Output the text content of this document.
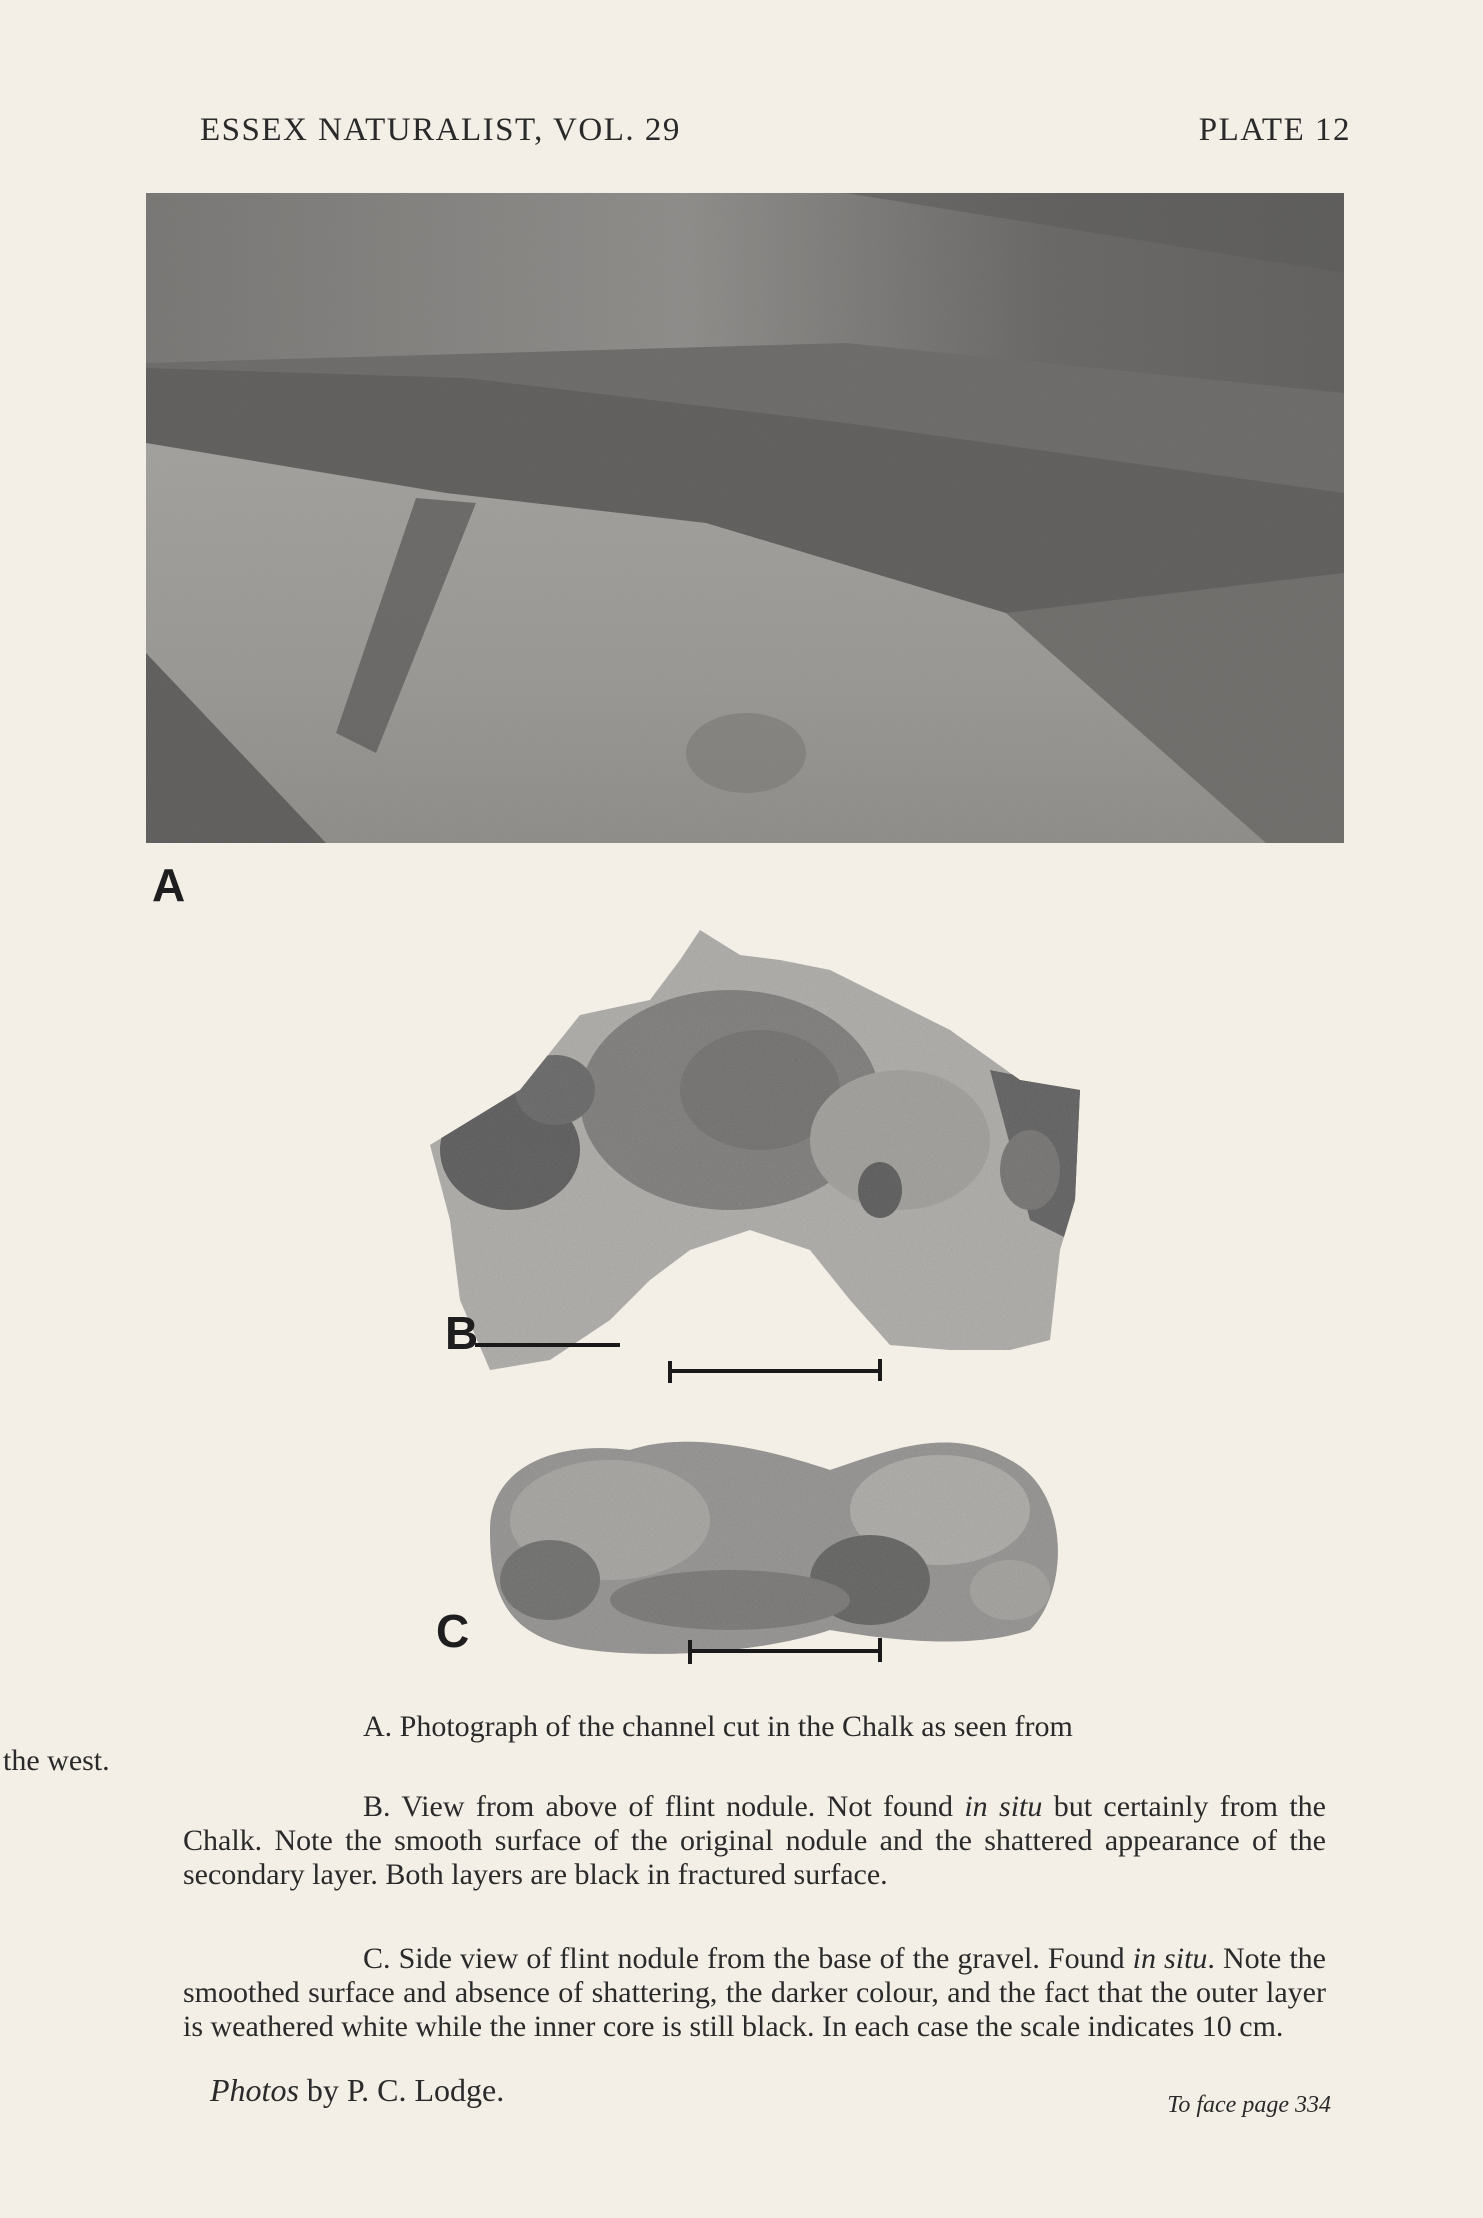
ESSEX NATURALIST, VOL. 29	PLATE 12
A
B
C

A. Photograph of the channel cut in the Chalk as seen from
the west.

B. View from above of flint nodule. Not found in situ but certainly from the Chalk. Note the smooth surface of the original nodule and the shattered appearance of the secondary layer. Both layers are black in fractured surface.

C. Side view of flint nodule from the base of the gravel. Found in situ. Note the smoothed surface and absence of shattering, the darker colour, and the fact that the outer layer is weathered white while the inner core is still black. In each case the scale indicates 10 cm.

Photos by P. C. Lodge.	To face page 334
